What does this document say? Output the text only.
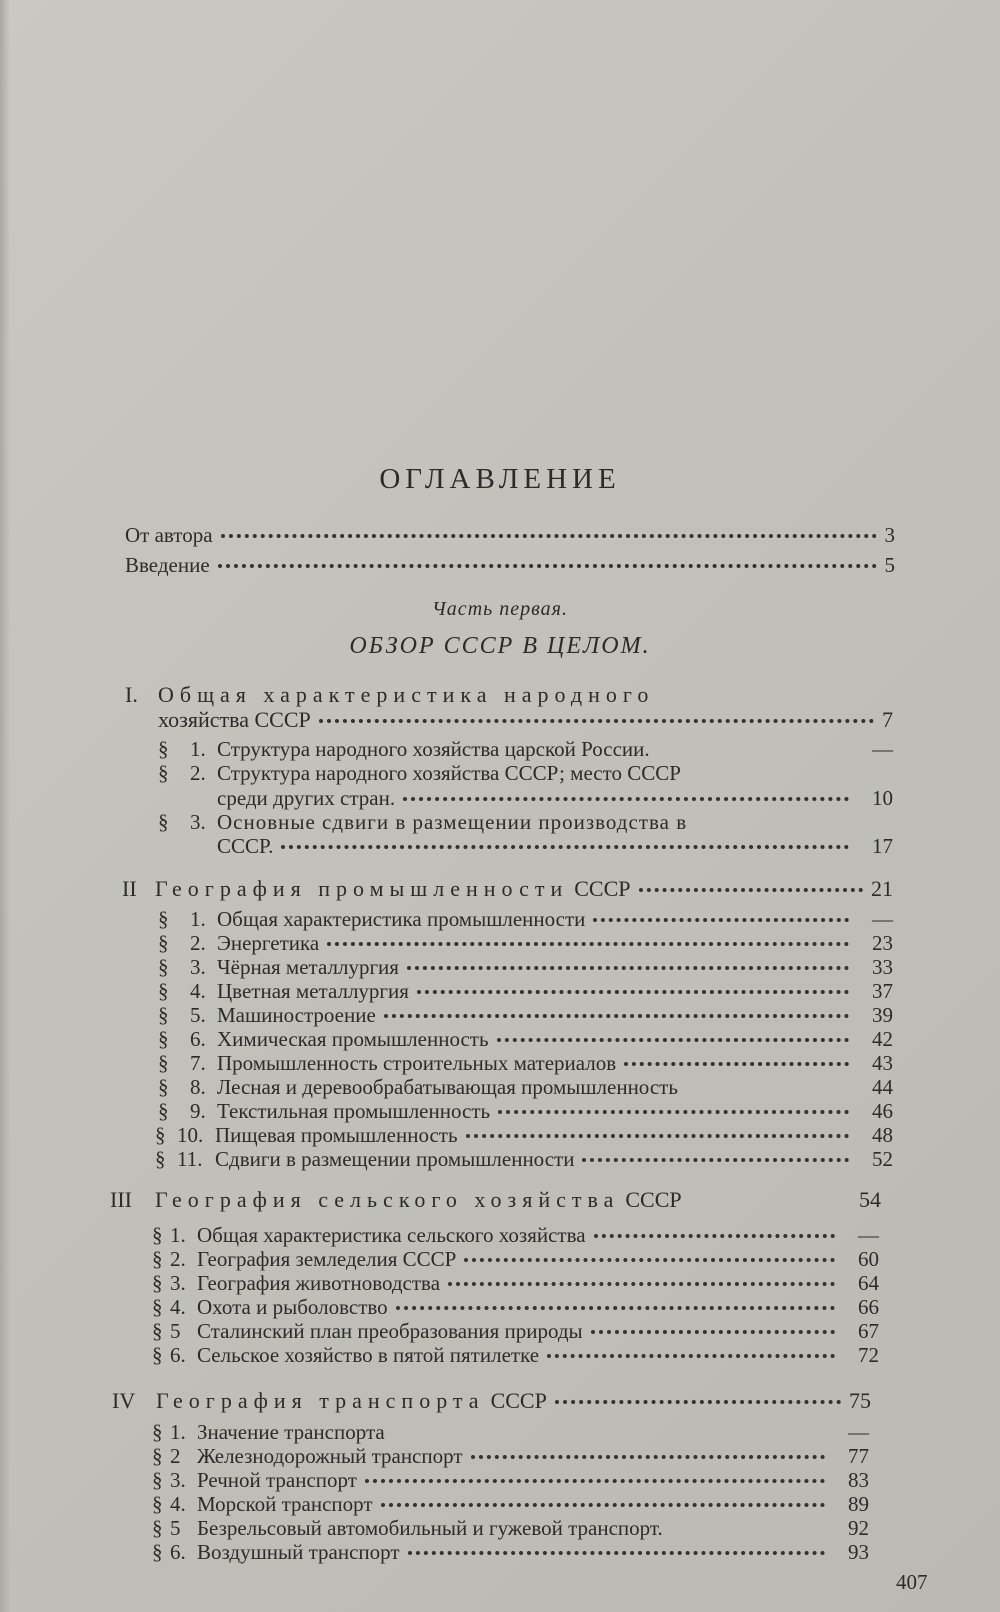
ОГЛАВЛЕНИЕ
От автора	3
Введение	5
Часть первая.
ОБЗОР СССР В ЦЕЛОМ.
I. Общая характеристика народного
хозяйства СССР	7
§	1. Структура народного хозяйства царской России.	—
§ 2. Структура народного хозяйства СССР; место СССР
среди других стран.	10
§ 3. Основные сдвиги в размещении производства в
СССР.	17
II География промышленности СССР	21
§	1. Общая характеристика промышленности	—
§	2. Энергетика	23
§	3. Чёрная металлургия	33
§	4. Цветная металлургия	37
§	5. Машиностроение	39
§	6. Химическая промышленность	42
§	7. Промышленность строительных материалов	43
§	8. Лесная и деревообрабатывающая промышленность	44
§	9. Текстильная промышленность	46
§ 10. Пищевая промышленность	48
§ 11. Сдвиги в размещении промышленности	52
III	География сельского хозяйства СССР	54
§ 1. Общая характеристика сельского хозяйства	—
§ 2. География земледелия СССР	60
§ 3. География животноводства	64
§ 4. Охота и рыболовство	66
§ 5 Сталинский план преобразования природы	67
§ 6. Сельское хозяйство в пятой пятилетке	72
IV География транспорта СССР	75
§ 1. Значение транспорта	—
§ 2 Железнодорожный транспорт	77
§ 3. Речной транспорт	83
§ 4. Морской транспорт	89
§ 5 Безрельсовый автомобильный и гужевой транспорт.	92
§ 6. Воздушный транспорт	93
407
